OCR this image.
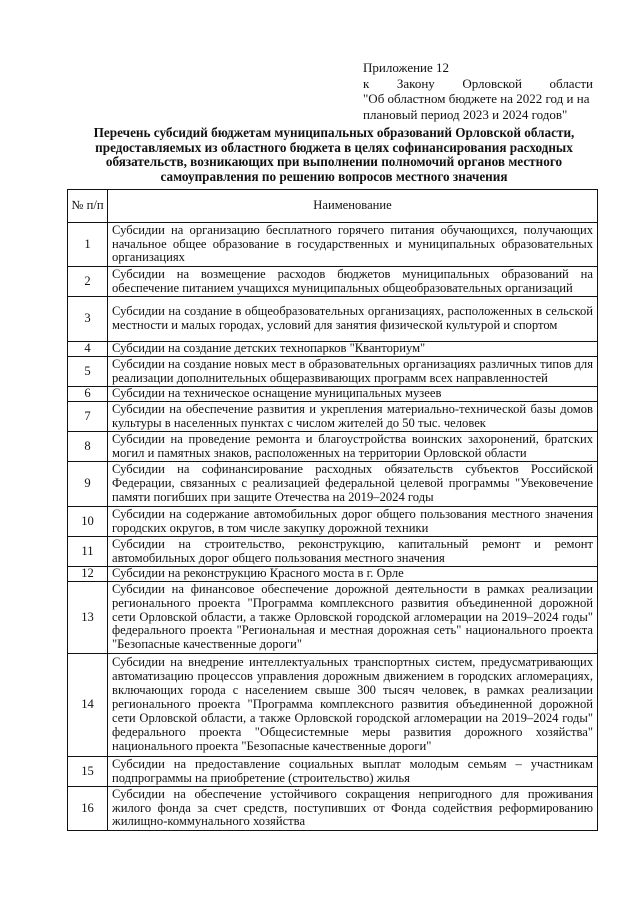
Приложение 12
к Закону Орловской области
"Об областном бюджете на 2022 год и на
плановый период 2023 и 2024 годов"
Перечень субсидий бюджетам муниципальных образований Орловской области, предоставляемых из областного бюджета в целях софинансирования расходных обязательств, возникающих при выполнении полномочий органов местного самоуправления по решению вопросов местного значения
№ п/п	Наименование
1	Субсидии на организацию бесплатного горячего питания обучающихся, получающих начальное общее образование в государственных и муниципальных образовательных организациях
2	Субсидии на возмещение расходов бюджетов муниципальных образований на обеспечение питанием учащихся муниципальных общеобразовательных организаций
3	Субсидии на создание в общеобразовательных организациях, расположенных в сельской местности и малых городах, условий для занятия физической культурой и спортом
4	Субсидии на создание детских технопарков "Кванториум"
5	Субсидии на создание новых мест в образовательных организациях различных типов для реализации дополнительных общеразвивающих программ всех направленностей
6	Субсидии на техническое оснащение муниципальных музеев
7	Субсидии на обеспечение развития и укрепления материально-технической базы домов культуры в населенных пунктах с числом жителей до 50 тыс. человек
8	Субсидии на проведение ремонта и благоустройства воинских захоронений, братских могил и памятных знаков, расположенных на территории Орловской области
9	Субсидии на софинансирование расходных обязательств субъектов Российской Федерации, связанных с реализацией федеральной целевой программы "Увековечение памяти погибших при защите Отечества на 2019–2024 годы
10	Субсидии на содержание автомобильных дорог общего пользования местного значения городских округов, в том числе закупку дорожной техники
11	Субсидии на строительство, реконструкцию, капитальный ремонт и ремонт автомобильных дорог общего пользования местного значения
12	Субсидии на реконструкцию Красного моста в г. Орле
13	Субсидии на финансовое обеспечение дорожной деятельности в рамках реализации регионального проекта "Программа комплексного развития объединенной дорожной сети Орловской области, а также Орловской городской агломерации на 2019–2024 годы" федерального проекта "Региональная и местная дорожная сеть" национального проекта "Безопасные качественные дороги"
14	Субсидии на внедрение интеллектуальных транспортных систем, предусматривающих автоматизацию процессов управления дорожным движением в городских агломерациях, включающих города с населением свыше 300 тысяч человек, в рамках реализации регионального проекта "Программа комплексного развития объединенной дорожной сети Орловской области, а также Орловской городской агломерации на 2019–2024 годы" федерального проекта "Общесистемные меры развития дорожного хозяйства" национального проекта "Безопасные качественные дороги"
15	Субсидии на предоставление социальных выплат молодым семьям – участникам подпрограммы на приобретение (строительство) жилья
16	Субсидии на обеспечение устойчивого сокращения непригодного для проживания жилого фонда за счет средств, поступивших от Фонда содействия реформированию жилищно-коммунального хозяйства
